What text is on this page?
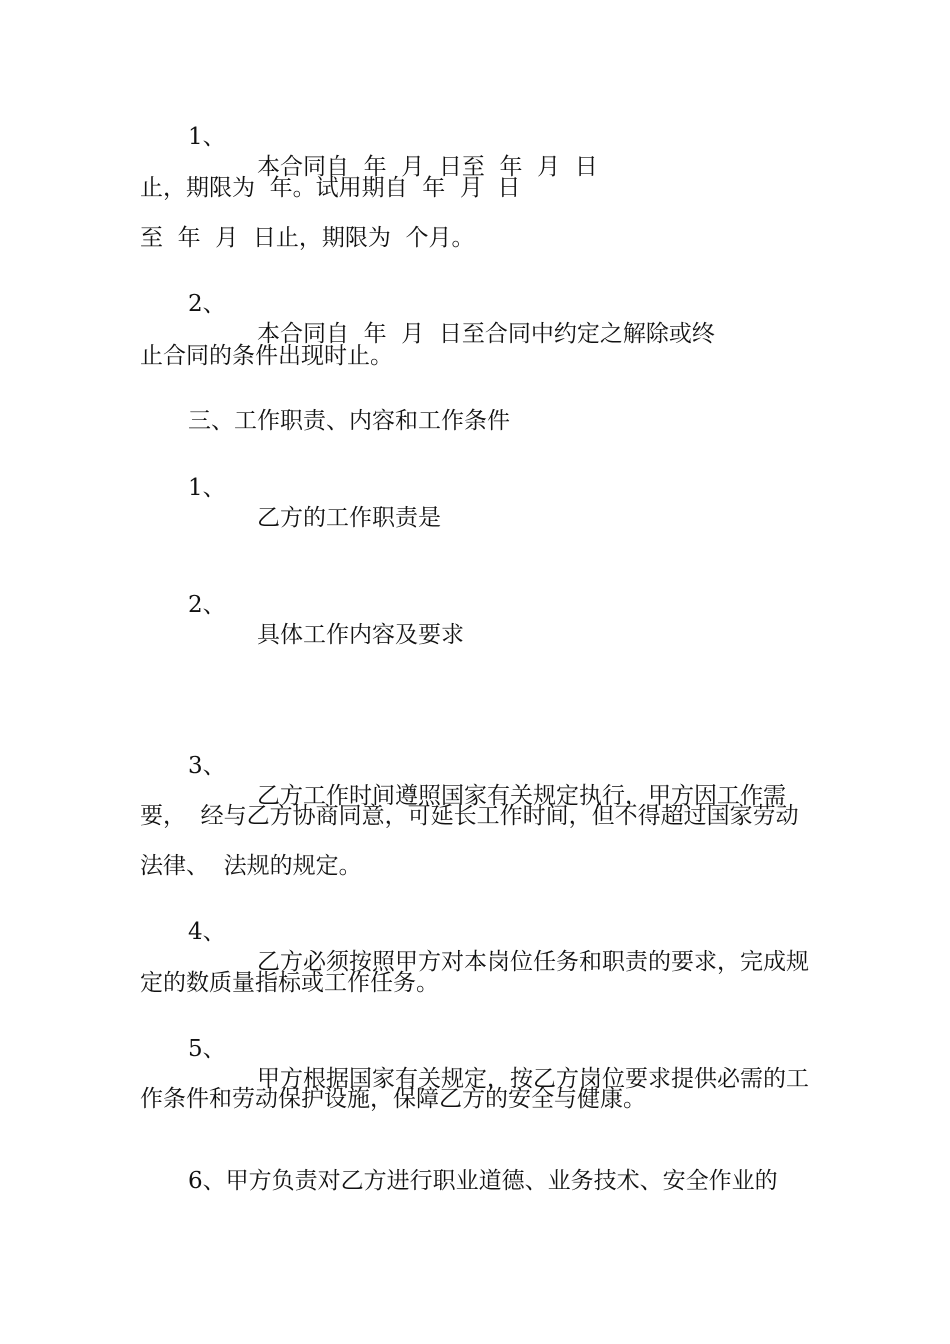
1、

本合同自  年  月  日至  年  月  日

止，期限为  年。试用期自  年  月  日

至  年  月  日止，期限为  个月。

2、

本合同自  年  月  日至合同中约定之解除或终

止合同的条件出现时止。

三、工作职责、内容和工作条件

1、

乙方的工作职责是

2、

具体工作内容及要求

3、

乙方工作时间遵照国家有关规定执行，甲方因工作需

要，  经与乙方协商同意，可延长工作时间，但不得超过国家劳动

法律、  法规的规定。

4、

乙方必须按照甲方对本岗位任务和职责的要求，完成规

定的数质量指标或工作任务。

5、

甲方根据国家有关规定，按乙方岗位要求提供必需的工

作条件和劳动保护设施，保障乙方的安全与健康。

6、甲方负责对乙方进行职业道德、业务技术、安全作业的
